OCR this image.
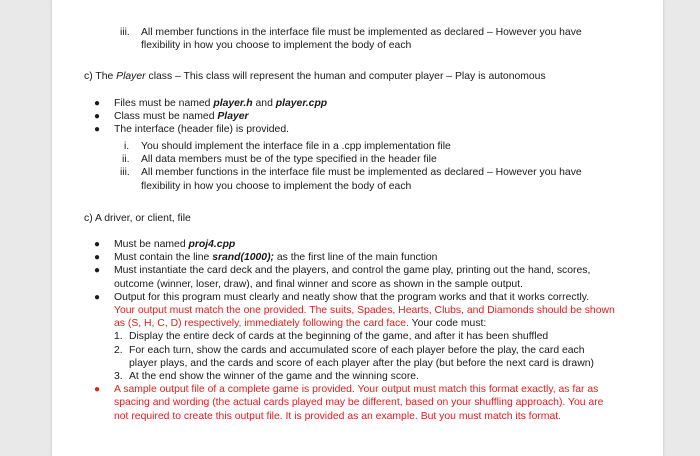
iii. All member functions in the interface file must be implemented as declared – However you have
flexibility in how you choose to implement the body of each
c) The Player class – This class will represent the human and computer player – Play is autonomous
● Files must be named player.h and player.cpp
● Class must be named Player
● The interface (header file) is provided.
i. You should implement the interface file in a .cpp implementation file
ii. All data members must be of the type specified in the header file
iii. All member functions in the interface file must be implemented as declared – However you have
flexibility in how you choose to implement the body of each
c) A driver, or client, file
● Must be named proj4.cpp
● Must contain the line srand(1000); as the first line of the main function
● Must instantiate the card deck and the players, and control the game play, printing out the hand, scores,
outcome (winner, loser, draw), and final winner and score as shown in the sample output.
● Output for this program must clearly and neatly show that the program works and that it works correctly.
Your output must match the one provided. The suits, Spades, Hearts, Clubs, and Diamonds should be shown
as (S, H, C, D) respectively, immediately following the card face. Your code must:
1. Display the entire deck of cards at the beginning of the game, and after it has been shuffled
2. For each turn, show the cards and accumulated score of each player before the play, the card each
player plays, and the cards and score of each player after the play (but before the next card is drawn)
3. At the end show the winner of the game and the winning score.
● A sample output file of a complete game is provided. Your output must match this format exactly, as far as
spacing and wording (the actual cards played may be different, based on your shuffling approach). You are
not required to create this output file. It is provided as an example. But you must match its format.
